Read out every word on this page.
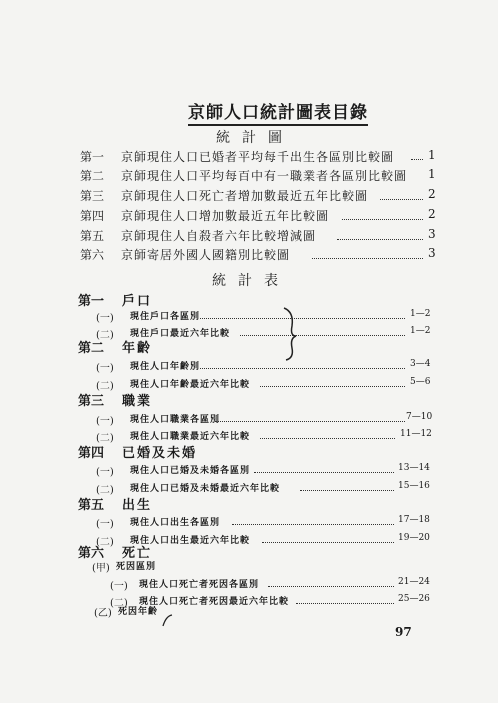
京師人口統計圖表目錄
統計圖
第一 京師現住人口已婚者平均每千出生各區別比較圖	1
第二 京師現住人口平均每百中有一職業者各區別比較圖 1
第三 京師現住人口死亡者增加數最近五年比較圖	2
第四 京師現住人口增加數最近五年比較圖	2
第五 京師現住人自殺者六年比較增減圖	3
第六 京師寄居外國人國籍別比較圖	3
統計表
第一 戶口
(一) 現住戶口各區別	1—2
(二) 現住戶口最近六年比較	1—2
第二 年齡
(一) 現住人口年齡別	3—4
(二) 現住人口年齡最近六年比較	5—6
第三 職業
(一) 現住人口職業各區別	7—10
(二) 現住人口職業最近六年比較	11—12
第四 已婚及未婚
(一) 現住人口已婚及未婚各區別	13—14
(二) 現住人口已婚及未婚最近六年比較	15—16
第五 出生
(一) 現住人口出生各區別	17—18
(二) 現住人口出生最近六年比較	19—20
第六 死亡
(甲) 死因區別
(一) 現住人口死亡者死因各區別	21—24
(二) 現住人口死亡者死因最近六年比較	25—26
(乙) 死因年齡
97
